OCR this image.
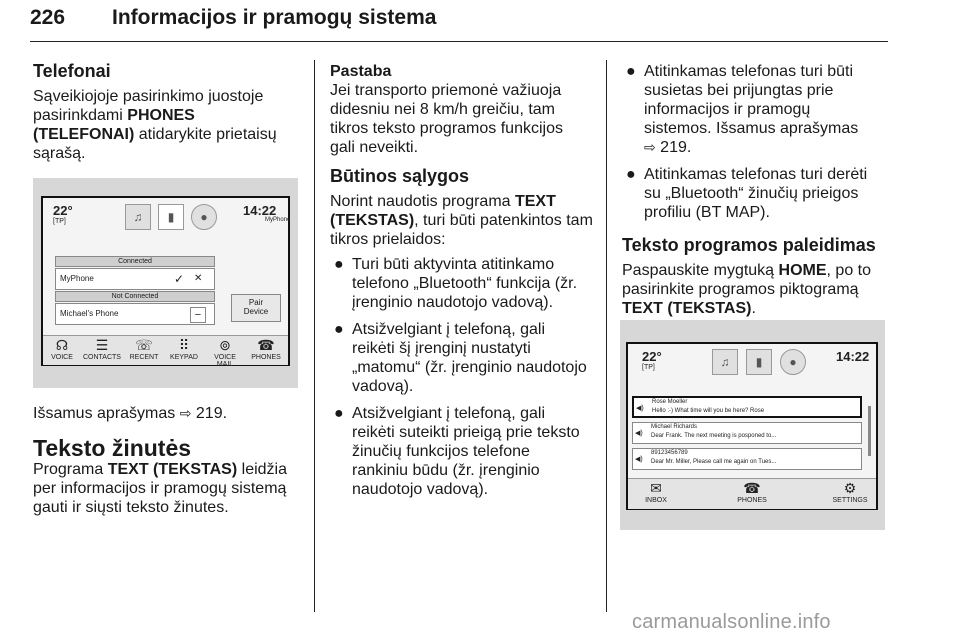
226 Informacijos ir pramogų sistema

Telefonai

Sąveikiojoje pasirinkimo juostoje
pasirinkdami PHONES
(TELEFONAI) atidarykite prietaisų
sąrašą.

22°
[TP]	♫	▮	●	14:22
MyPhone
Connected
MyPhone	✓ ✕
Not Connected
Michael's Phone	−
Pair
Device
☊
VOICE
☰
CONTACTS
☏
RECENT
⠿
KEYPAD
⊚
VOICE MAIL
☎
PHONES

Išsamus aprašymas ⇨ 219.

Teksto žinutės

Programa TEXT (TEKSTAS) leidžia
per informacijos ir pramogų sistemą
gauti ir siųsti teksto žinutes.

Pastaba
Jei transporto priemonė važiuoja
didesniu nei 8 km/h greičiu, tam
tikros teksto programos funkcijos
gali neveikti.

Būtinos sąlygos

Norint naudotis programa TEXT
(TEKSTAS), turi būti patenkintos tam
tikros prielaidos:

● Turi būti aktyvinta atitinkamo
telefono „Bluetooth“ funkcija (žr.
įrenginio naudotojo vadovą).
● Atsižvelgiant į telefoną, gali
reikėti šį įrenginį nustatyti
„matomu“ (žr. įrenginio naudotojo
vadovą).
● Atsižvelgiant į telefoną, gali
reikėti suteikti prieigą prie teksto
žinučių funkcijos telefone
rankiniu būdu (žr. įrenginio
naudotojo vadovą).
● Atitinkamas telefonas turi būti
susietas bei prijungtas prie
informacijos ir pramogų
sistemos. Išsamus aprašymas
⇨ 219.
● Atitinkamas telefonas turi derėti
su „Bluetooth“ žinučių prieigos
profiliu (BT MAP).

Teksto programos paleidimas

Paspauskite mygtuką HOME, po to
pasirinkite programos piktogramą
TEXT (TEKSTAS).

22°
[TP]	♫	▮	●	14:22
◀)
Rose Moeller
Hello :-) What time will you be here? Rose
◀)
Michael Richards
Dear Frank. The next meeting is posponed to...
◀)
89123456789
Dear Mr. Miller, Please call me again on Tues...
✉
INBOX
☎
PHONES
⚙
SETTINGS
carmanualsonline.info
